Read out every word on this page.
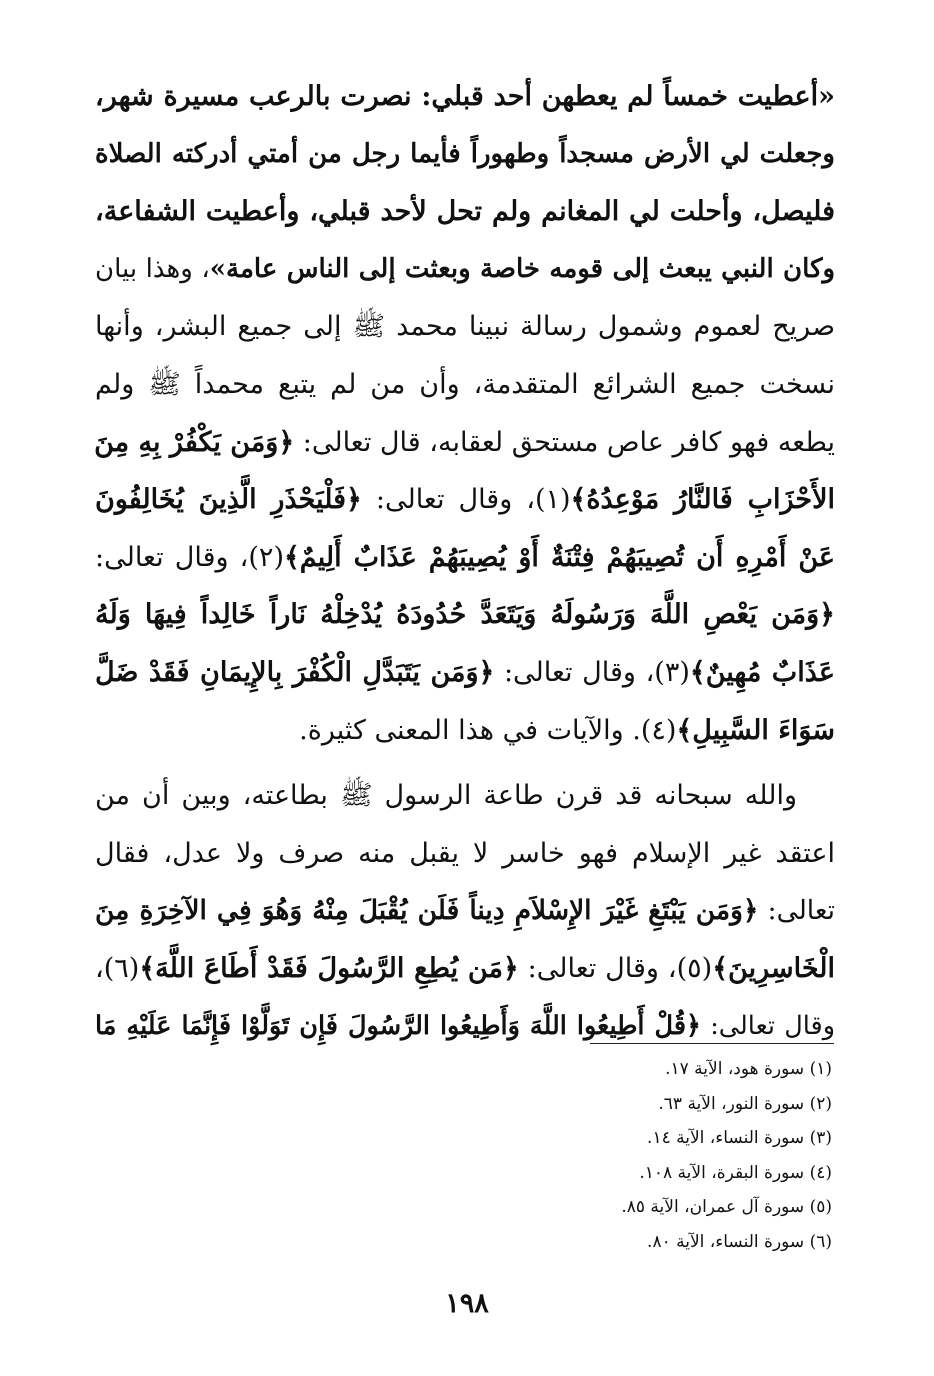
«أعطيت خمساً لم يعطهن أحد قبلي: نصرت بالرعب مسيرة شهر،
وجعلت لي الأرض مسجداً وطهوراً فأيما رجل من أمتي أدركته الصلاة
فليصل، وأحلت لي المغانم ولم تحل لأحد قبلي، وأعطيت الشفاعة،
وكان النبي يبعث إلى قومه خاصة وبعثت إلى الناس عامة»، وهذا بيان
صريح لعموم وشمول رسالة نبينا محمد ﷺ إلى جميع البشر، وأنها
نسخت جميع الشرائع المتقدمة، وأن من لم يتبع محمداً ﷺ ولم
يطعه فهو كافر عاص مستحق لعقابه، قال تعالى: ﴿وَمَن يَكْفُرْ بِهِ مِنَ
الأَحْزَابِ فَالنَّارُ مَوْعِدُهُ﴾(١)، وقال تعالى: ﴿فَلْيَحْذَرِ الَّذِينَ يُخَالِفُونَ
عَنْ أَمْرِهِ أَن تُصِيبَهُمْ فِتْنَةٌ أَوْ يُصِيبَهُمْ عَذَابٌ أَلِيمٌ﴾(٢)، وقال تعالى:
﴿وَمَن يَعْصِ اللَّهَ وَرَسُولَهُ وَيَتَعَدَّ حُدُودَهُ يُدْخِلْهُ نَاراً خَالِداً فِيهَا وَلَهُ
عَذَابٌ مُهِينٌ﴾(٣)، وقال تعالى: ﴿وَمَن يَتَبَدَّلِ الْكُفْرَ بِالإِيمَانِ فَقَدْ ضَلَّ
سَوَاءَ السَّبِيلِ﴾(٤). والآيات في هذا المعنى كثيرة.
والله سبحانه قد قرن طاعة الرسول ﷺ بطاعته، وبين أن من
اعتقد غير الإسلام فهو خاسر لا يقبل منه صرف ولا عدل، فقال
تعالى: ﴿وَمَن يَبْتَغِ غَيْرَ الإِسْلاَمِ دِيناً فَلَن يُقْبَلَ مِنْهُ وَهُوَ فِي الآخِرَةِ مِنَ
الْخَاسِرِينَ﴾(٥)، وقال تعالى: ﴿مَن يُطِعِ الرَّسُولَ فَقَدْ أَطَاعَ اللَّهَ﴾(٦)،
وقال تعالى: ﴿قُلْ أَطِيعُوا اللَّهَ وَأَطِيعُوا الرَّسُولَ فَإِن تَوَلَّوْا فَإِنَّمَا عَلَيْهِ مَا
(١) سورة هود، الآية ١٧.
(٢) سورة النور، الآية ٦٣.
(٣) سورة النساء، الآية ١٤.
(٤) سورة البقرة، الآية ١٠٨.
(٥) سورة آل عمران، الآية ٨٥.
(٦) سورة النساء، الآية ٨٠.
١٩٨
